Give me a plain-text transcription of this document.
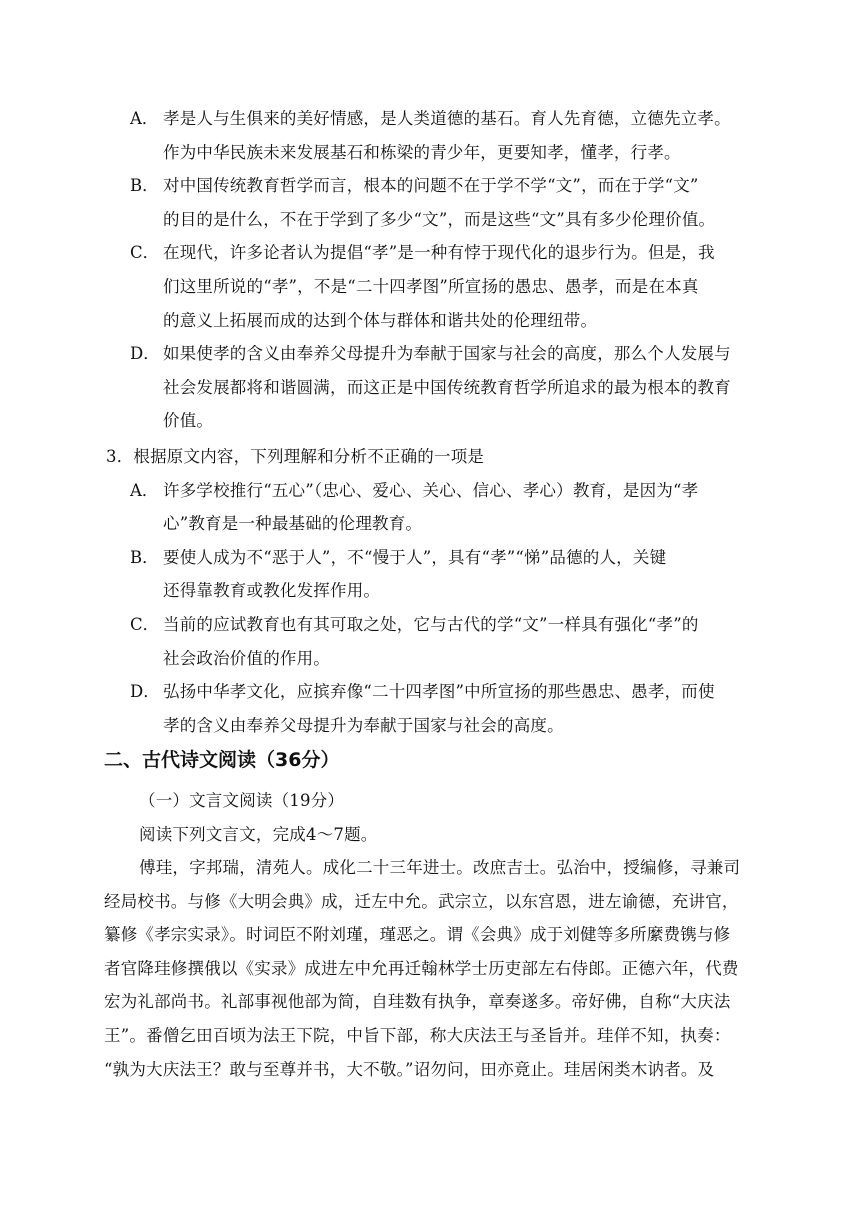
A． 孝是人与生俱来的美好情感，是人类道德的基石。育人先育德，立德先立孝。
作为中华民族未来发展基石和栋梁的青少年，更要知孝，懂孝，行孝。
B． 对中国传统教育哲学而言，根本的问题不在于学不学“文”，而在于学“文”
的目的是什么，不在于学到了多少“文”，而是这些“文”具有多少伦理价值。
C． 在现代，许多论者认为提倡“孝”是一种有悖于现代化的退步行为。但是，我
们这里所说的“孝”，不是“二十四孝图”所宣扬的愚忠、愚孝，而是在本真
的意义上拓展而成的达到个体与群体和谐共处的伦理纽带。
D． 如果使孝的含义由奉养父母提升为奉献于国家与社会的高度，那么个人发展与
社会发展都将和谐圆满，而这正是中国传统教育哲学所追求的最为根本的教育
价值。
3．根据原文内容，下列理解和分析不正确的一项是
A． 许多学校推行“五心”（忠心、爱心、关心、信心、孝心）教育，是因为“孝
心”教育是一种最基础的伦理教育。
B． 要使人成为不“恶于人”，不“慢于人”，具有“孝”“悌”品德的人，关键
还得靠教育或教化发挥作用。
C． 当前的应试教育也有其可取之处，它与古代的学“文”一样具有强化“孝”的
社会政治价值的作用。
D． 弘扬中华孝文化，应摈弃像“二十四孝图”中所宣扬的那些愚忠、愚孝，而使
孝的含义由奉养父母提升为奉献于国家与社会的高度。
二、古代诗文阅读（36分）
（一）文言文阅读（19分）
阅读下列文言文，完成4～7题。
傅珪，字邦瑞，清苑人。成化二十三年进士。改庶吉士。弘治中，授编修，寻兼司
经局校书。与修《大明会典》成，迁左中允。武宗立，以东宫恩，进左谕德，充讲官，
纂修《孝宗实录》。时词臣不附刘瑾，瑾恶之。谓《会典》成于刘健等多所縻费镌与修
者官降珪修撰俄以《实录》成进左中允再迁翰林学士历吏部左右侍郎。正德六年，代费
宏为礼部尚书。礼部事视他部为简，自珪数有执争，章奏遂多。帝好佛，自称“大庆法
王”。番僧乞田百顷为法王下院，中旨下部，称大庆法王与圣旨并。珪佯不知，执奏：
“孰为大庆法王？敢与至尊并书，大不敬。”诏勿问，田亦竟止。珪居闲类木讷者。及
